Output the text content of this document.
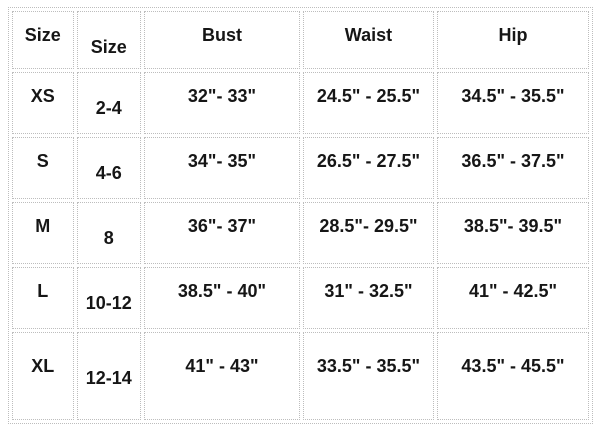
Size	Size	Bust	Waist	Hip
XS	2-4	32"- 33"	24.5" - 25.5"	34.5" - 35.5"
S	4-6	34"- 35"	26.5" - 27.5"	36.5" - 37.5"
M	8	36"- 37"	28.5"- 29.5"	38.5"- 39.5"
L	10-12	38.5" - 40"	31" - 32.5"	41" - 42.5"
XL	12-14	41" - 43"	33.5" - 35.5"	43.5" - 45.5"
